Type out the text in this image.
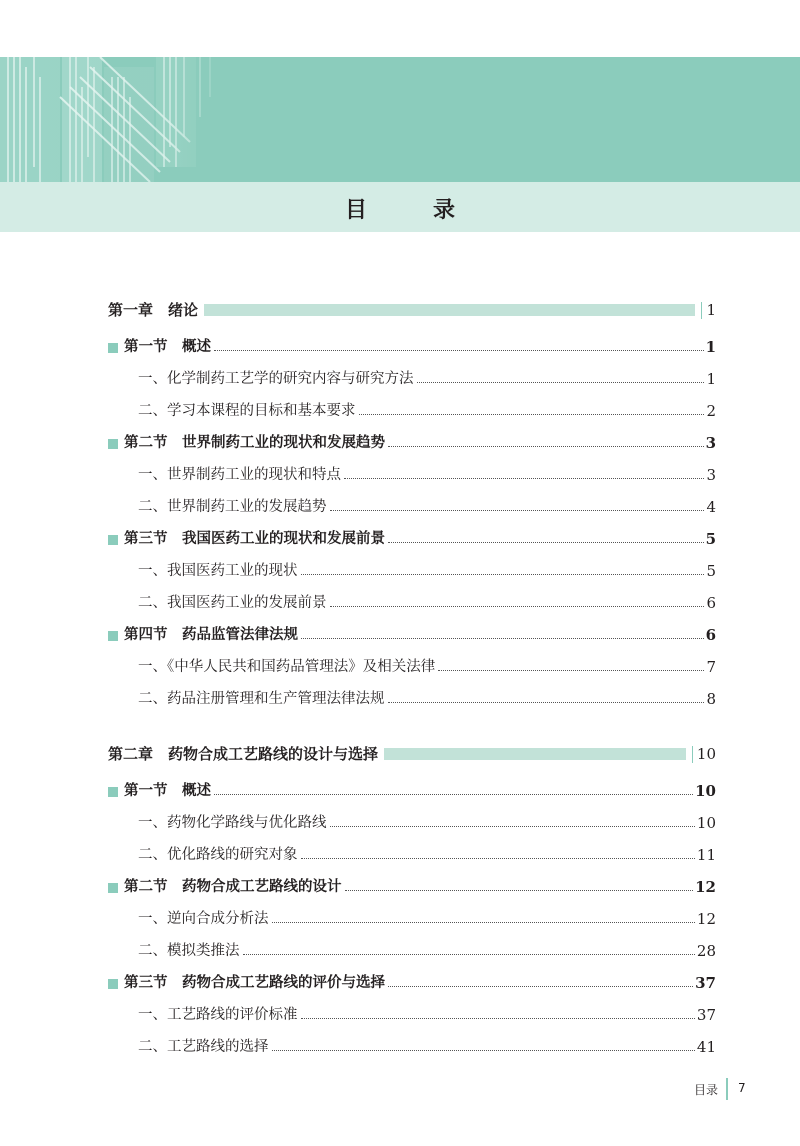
目　录
第一章　绪论	1
第一节　概述	1
一、化学制药工艺学的研究内容与研究方法	1
二、学习本课程的目标和基本要求	2
第二节　世界制药工业的现状和发展趋势	3
一、世界制药工业的现状和特点	3
二、世界制药工业的发展趋势	4
第三节　我国医药工业的现状和发展前景	5
一、我国医药工业的现状	5
二、我国医药工业的发展前景	6
第四节　药品监管法律法规	6
一、《中华人民共和国药品管理法》及相关法律	7
二、药品注册管理和生产管理法律法规	8
第二章　药物合成工艺路线的设计与选择	10
第一节　概述	10
一、药物化学路线与优化路线	10
二、优化路线的研究对象	11
第二节　药物合成工艺路线的设计	12
一、逆向合成分析法	12
二、模拟类推法	28
第三节　药物合成工艺路线的评价与选择	37
一、工艺路线的评价标准	37
二、工艺路线的选择	41
目录 7
